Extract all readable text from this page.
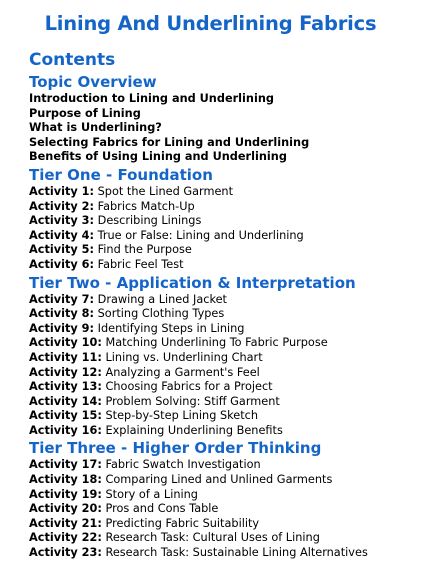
Lining And Underlining Fabrics
Contents
Topic Overview
Introduction to Lining and Underlining
Purpose of Lining
What is Underlining?
Selecting Fabrics for Lining and Underlining
Benefits of Using Lining and Underlining
Tier One - Foundation
Activity 1: Spot the Lined Garment
Activity 2: Fabrics Match-Up
Activity 3: Describing Linings
Activity 4: True or False: Lining and Underlining
Activity 5: Find the Purpose
Activity 6: Fabric Feel Test
Tier Two - Application & Interpretation
Activity 7: Drawing a Lined Jacket
Activity 8: Sorting Clothing Types
Activity 9: Identifying Steps in Lining
Activity 10: Matching Underlining To Fabric Purpose
Activity 11: Lining vs. Underlining Chart
Activity 12: Analyzing a Garment's Feel
Activity 13: Choosing Fabrics for a Project
Activity 14: Problem Solving: Stiff Garment
Activity 15: Step-by-Step Lining Sketch
Activity 16: Explaining Underlining Benefits
Tier Three - Higher Order Thinking
Activity 17: Fabric Swatch Investigation
Activity 18: Comparing Lined and Unlined Garments
Activity 19: Story of a Lining
Activity 20: Pros and Cons Table
Activity 21: Predicting Fabric Suitability
Activity 22: Research Task: Cultural Uses of Lining
Activity 23: Research Task: Sustainable Lining Alternatives
